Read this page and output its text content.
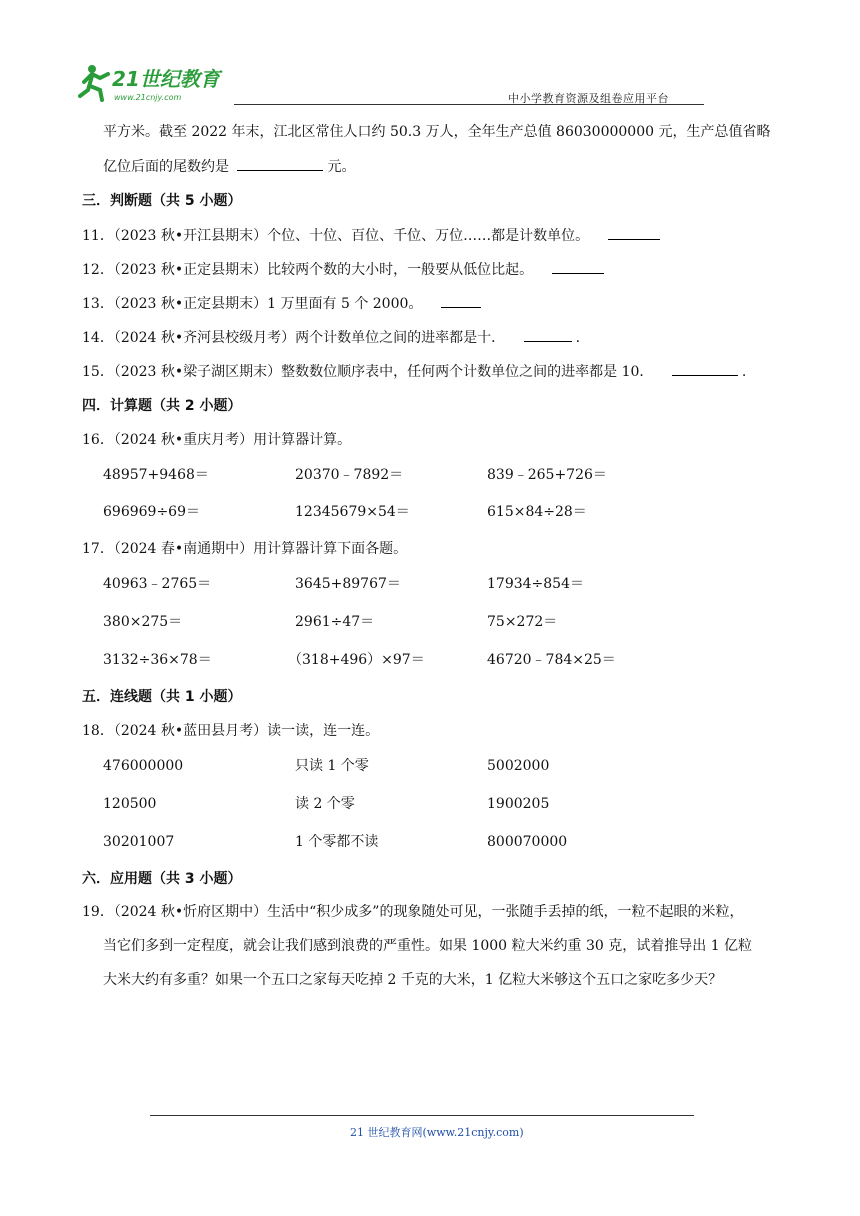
21世纪教育
www.21cnjy.com	中小学教育资源及组卷应用平台
平方米。截至 2022 年末，江北区常住人口约 50.3 万人，全年生产总值 86030000000 元，生产总值省略
亿位后面的尾数约是	元。
三．判断题（共 5 小题）
11．（2023 秋•开江县期末）个位、十位、百位、千位、万位……都是计数单位。
12．（2023 秋•正定县期末）比较两个数的大小时，一般要从低位比起。
13．（2023 秋•正定县期末）1 万里面有 5 个 2000。
14．（2024 秋•齐河县校级月考）两个计数单位之间的进率都是十．	.
15．（2023 秋•梁子湖区期末）整数数位顺序表中，任何两个计数单位之间的进率都是 10．	.
四．计算题（共 2 小题）
16．（2024 秋•重庆月考）用计算器计算。
48957+9468＝	20370﹣7892＝	839﹣265+726＝
696969÷69＝	12345679×54＝	615×84÷28＝
17．（2024 春•南通期中）用计算器计算下面各题。
40963﹣2765＝	3645+89767＝	17934÷854＝
380×275＝	2961÷47＝	75×272＝
3132÷36×78＝	（318+496）×97＝	46720﹣784×25＝
五．连线题（共 1 小题）
18．（2024 秋•蓝田县月考）读一读，连一连。
476000000	只读 1 个零	5002000
120500	读 2 个零	1900205
30201007	1 个零都不读	800070000
六．应用题（共 3 小题）
19．（2024 秋•忻府区期中）生活中“积少成多”的现象随处可见，一张随手丢掉的纸，一粒不起眼的米粒，
当它们多到一定程度，就会让我们感到浪费的严重性。如果 1000 粒大米约重 30 克，试着推导出 1 亿粒
大米大约有多重？如果一个五口之家每天吃掉 2 千克的大米，1 亿粒大米够这个五口之家吃多少天？
21 世纪教育网(www.21cnjy.com)
